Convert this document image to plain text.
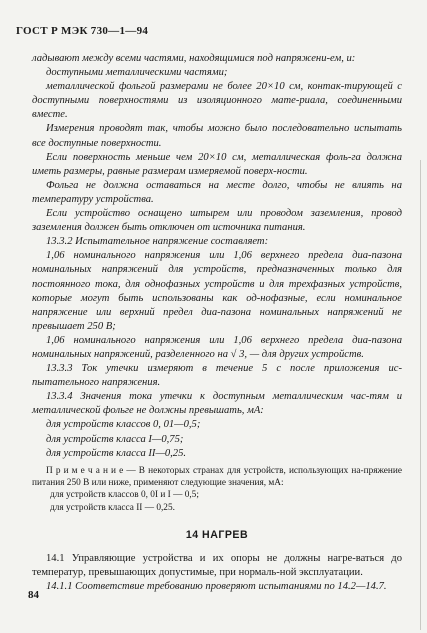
ГОСТ Р МЭК 730—1—94

ладывают между всеми частями, находящимися под напряжени-ем, и:

доступными металлическими частями;

металлической фольгой размерами не более 20×10 см, контак-тирующей с доступными поверхностями из изоляционного мате-риала, соединенными вместе.

Измерения проводят так, чтобы можно было последовательно испытать все доступные поверхности.

Если поверхность меньше чем 20×10 см, металлическая фоль-га должна иметь размеры, равные размерам измеряемой поверх-ности.

Фольга не должна оставаться на месте долго, чтобы не влиять на температуру устройства.

Если устройство оснащено штырем или проводом заземления, провод заземления должен быть отключен от источника питания.

13.3.2 Испытательное напряжение составляет:

1,06 номинального напряжения или 1,06 верхнего предела диа-пазона номинальных напряжений для устройств, предназначенных только для постоянного тока, для однофазных устройств и для трехфазных устройств, которые могут быть использованы как од-нофазные, если номинальное напряжение или верхний предел диа-пазона номинальных напряжений не превышает 250 В;

1,06 номинального напряжения или 1,06 верхнего предела диа-пазона номинальных напряжений, разделенного на √ 3, — для других устройств.

13.3.3 Ток утечки измеряют в течение 5 с после приложения ис-пытательного напряжения.

13.3.4 Значения тока утечки к доступным металлическим час-тям и металлической фольге не должны превышать, мА:

для устройств классов 0, 01—0,5;

для устройств класса I—0,75;

для устройств класса II—0,25.

П р и м е ч а н и е — В некоторых странах для устройств, использующих на-пряжение питания 250 В или ниже, применяют следующие значения, мА:

для устройств классов 0, 0I и I — 0,5;

для устройств класса II — 0,25.

14 НАГРЕВ

14.1 Управляющие устройства и их опоры не должны нагре-ваться до температур, превышающих допустимые, при нормаль-ной эксплуатации.

14.1.1 Соответствие требованию проверяют испытаниями по 14.2—14.7.

84
